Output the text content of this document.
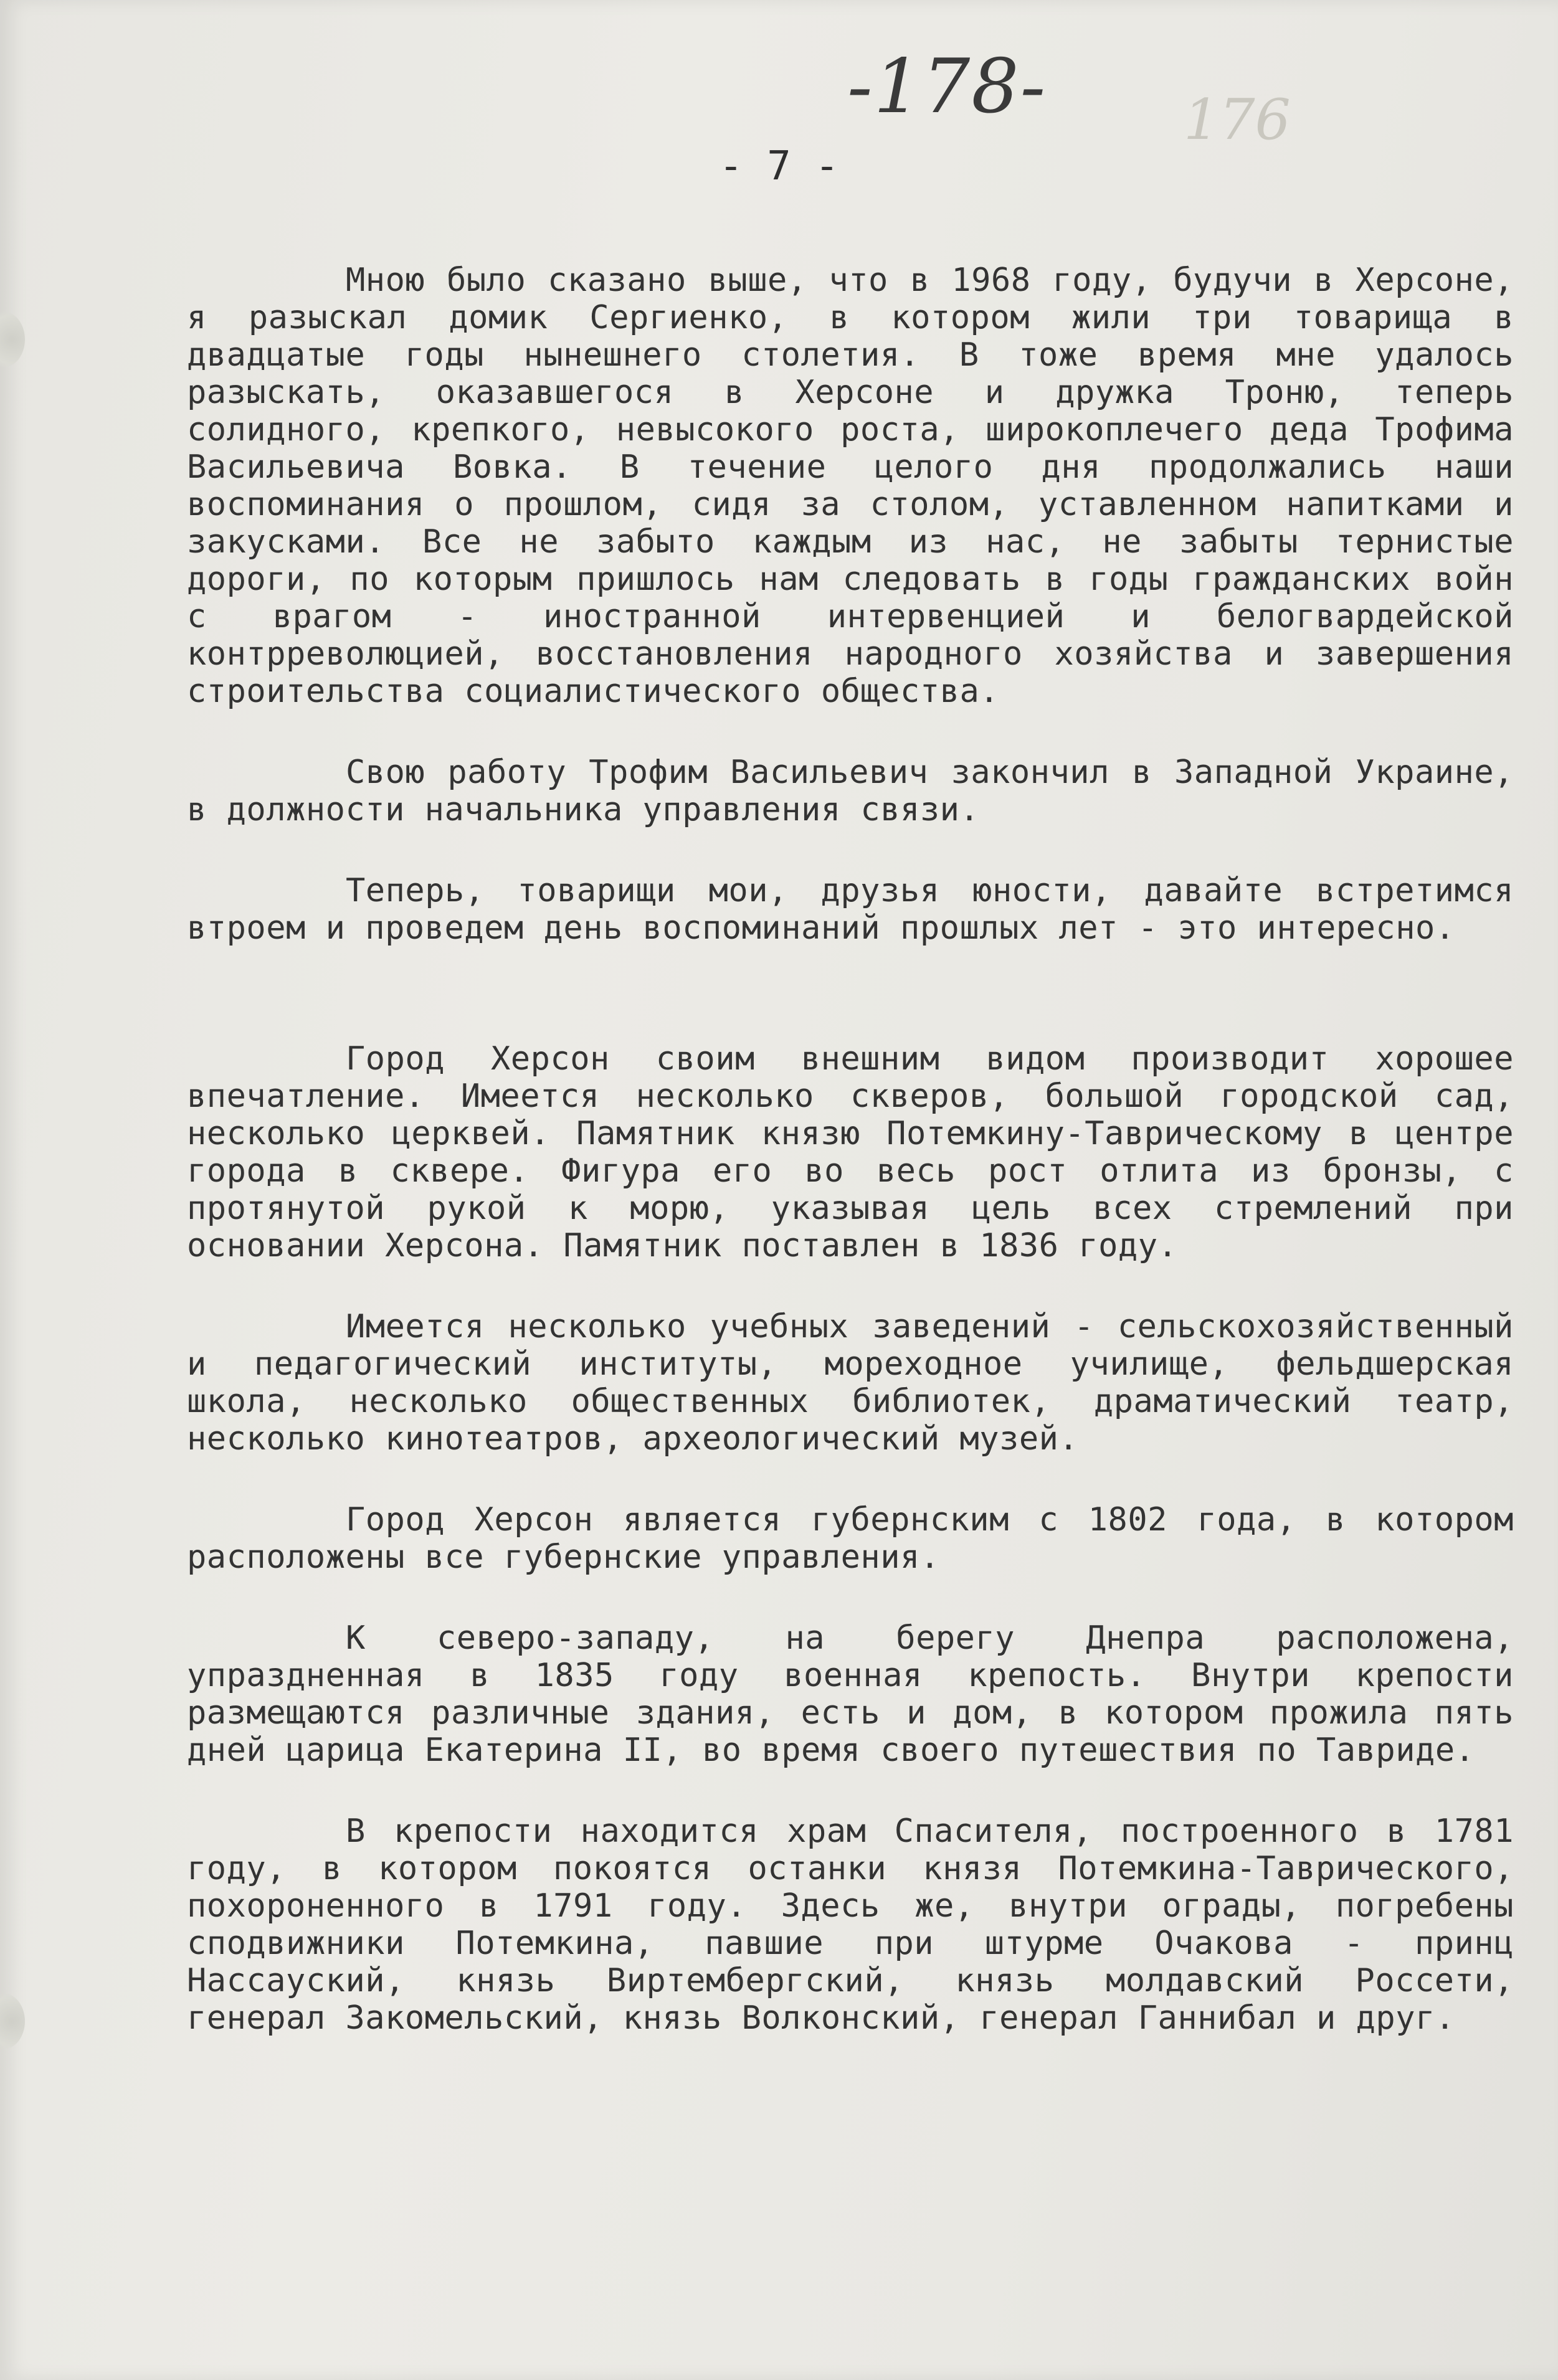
-178- 176
- 7 -

Мною было сказано выше, что в 1968 году, будучи в Херсоне, я разыскал домик Сергиенко, в котором жили три товарища в двадцатые годы нынешнего столетия. В тоже время мне удалось разыскать, оказавшегося в Херсоне и дружка Троню, теперь солидного, крепкого, невысокого роста, широкоплечего деда Трофима Васильевича Вовка. В течение целого дня продолжались наши воспоминания о прошлом, сидя за столом, уставленном напитками и закусками. Все не забыто каждым из нас, не забыты тернистые дороги, по которым пришлось нам следовать в годы гражданских войн с врагом - иностранной интервенцией и белогвардейской контрреволюцией, восстановления народного хозяйства и завершения строительства социалистического общества.

Свою работу Трофим Васильевич закончил в Западной Украине, в должности начальника управления связи.

Теперь, товарищи мои, друзья юности, давайте встретимся втроем и проведем день воспоминаний прошлых лет - это интересно.

Город Херсон своим внешним видом производит хорошее впечатление. Имеется несколько скверов, большой городской сад, несколько церквей. Памятник князю Потемкину-Таврическому в центре города в сквере. Фигура его во весь рост отлита из бронзы, с протянутой рукой к морю, указывая цель всех стремлений при основании Херсона. Памятник поставлен в 1836 году.

Имеется несколько учебных заведений - сельскохозяйственный и педагогический институты, мореходное училище, фельдшерская школа, несколько общественных библиотек, драматический театр, несколько кинотеатров, археологический музей.

Город Херсон является губернским с 1802 года, в котором расположены все губернские управления.

К северо-западу, на берегу Днепра расположена, упраздненная в 1835 году военная крепость. Внутри крепости размещаются различные здания, есть и дом, в котором прожила пять дней царица Екатерина II, во время своего путешествия по Тавриде.

В крепости находится храм Спасителя, построенного в 1781 году, в котором покоятся останки князя Потемкина-Таврического, похороненного в 1791 году. Здесь же, внутри ограды, погребены сподвижники Потемкина, павшие при штурме Очакова - принц Нассауский, князь Виртембергский, князь молдавский Россети, генерал Закомельский, князь Волконский, генерал Ганнибал и друг.
